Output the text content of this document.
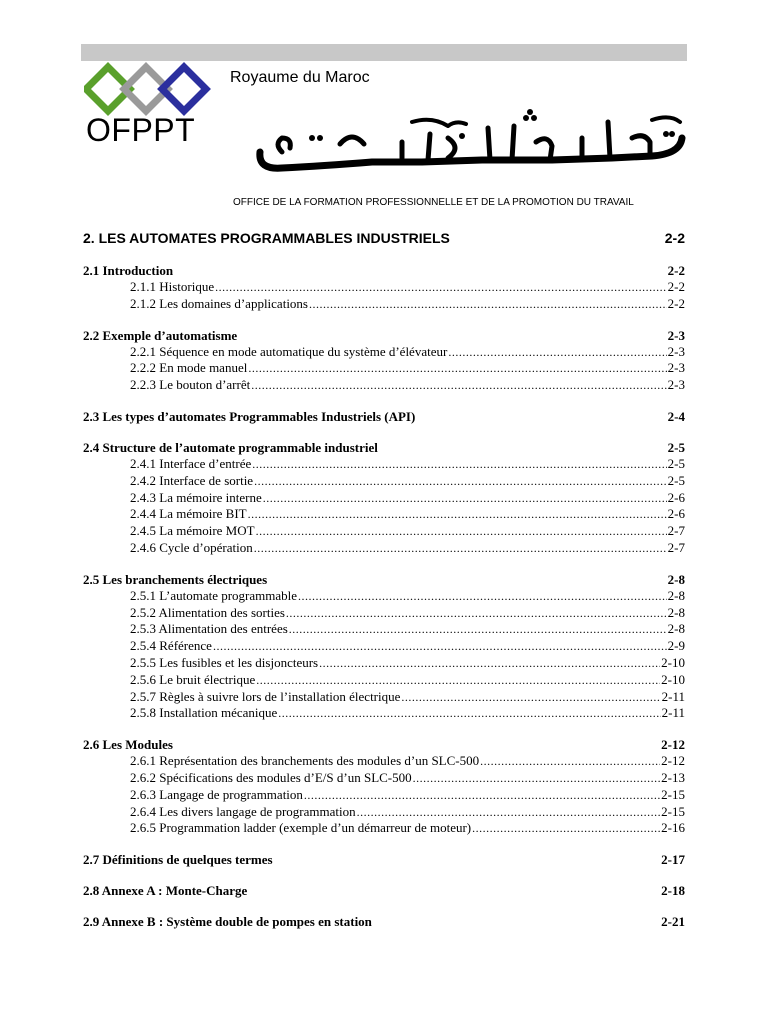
OFPPT
Royaume du Maroc
OFFICE DE LA FORMATION PROFESSIONNELLE ET DE LA PROMOTION DU TRAVAIL
2. LES AUTOMATES PROGRAMMABLES INDUSTRIELS	2-2
2.1 Introduction	2-2
2.1.1 Historique .....	2-2
2.1.2 Les domaines d’applications .....	2-2
2.2 Exemple d’automatisme	2-3
2.2.1 Séquence en mode automatique du système d’élévateur .....	2-3
2.2.2 En mode manuel .....	2-3
2.2.3 Le bouton d’arrêt .....	2-3
2.3 Les types d’automates Programmables Industriels (API)	2-4
2.4 Structure de l’automate programmable industriel	2-5
2.4.1 Interface d’entrée .....	2-5
2.4.2 Interface de sortie .....	2-5
2.4.3 La mémoire interne .....	2-6
2.4.4 La mémoire BIT .....	2-6
2.4.5 La mémoire MOT .....	2-7
2.4.6 Cycle d’opération .....	2-7
2.5 Les branchements électriques	2-8
2.5.1 L’automate programmable .....	2-8
2.5.2 Alimentation des sorties .....	2-8
2.5.3 Alimentation des entrées .....	2-8
2.5.4 Référence .....	2-9
2.5.5 Les fusibles et les disjoncteurs .....	2-10
2.5.6 Le bruit électrique .....	2-10
2.5.7 Règles à suivre lors de l’installation électrique .....	2-11
2.5.8 Installation mécanique .....	2-11
2.6 Les Modules	2-12
2.6.1 Représentation des branchements des modules d’un SLC-500 .....	2-12
2.6.2 Spécifications des modules d’E/S d’un SLC-500 .....	2-13
2.6.3 Langage de programmation .....	2-15
2.6.4 Les divers langage de programmation .....	2-15
2.6.5 Programmation ladder (exemple d’un démarreur de moteur) .....	2-16
2.7 Définitions de quelques termes	2-17
2.8 Annexe A : Monte-Charge	2-18
2.9 Annexe B : Système double de pompes en station	2-21
